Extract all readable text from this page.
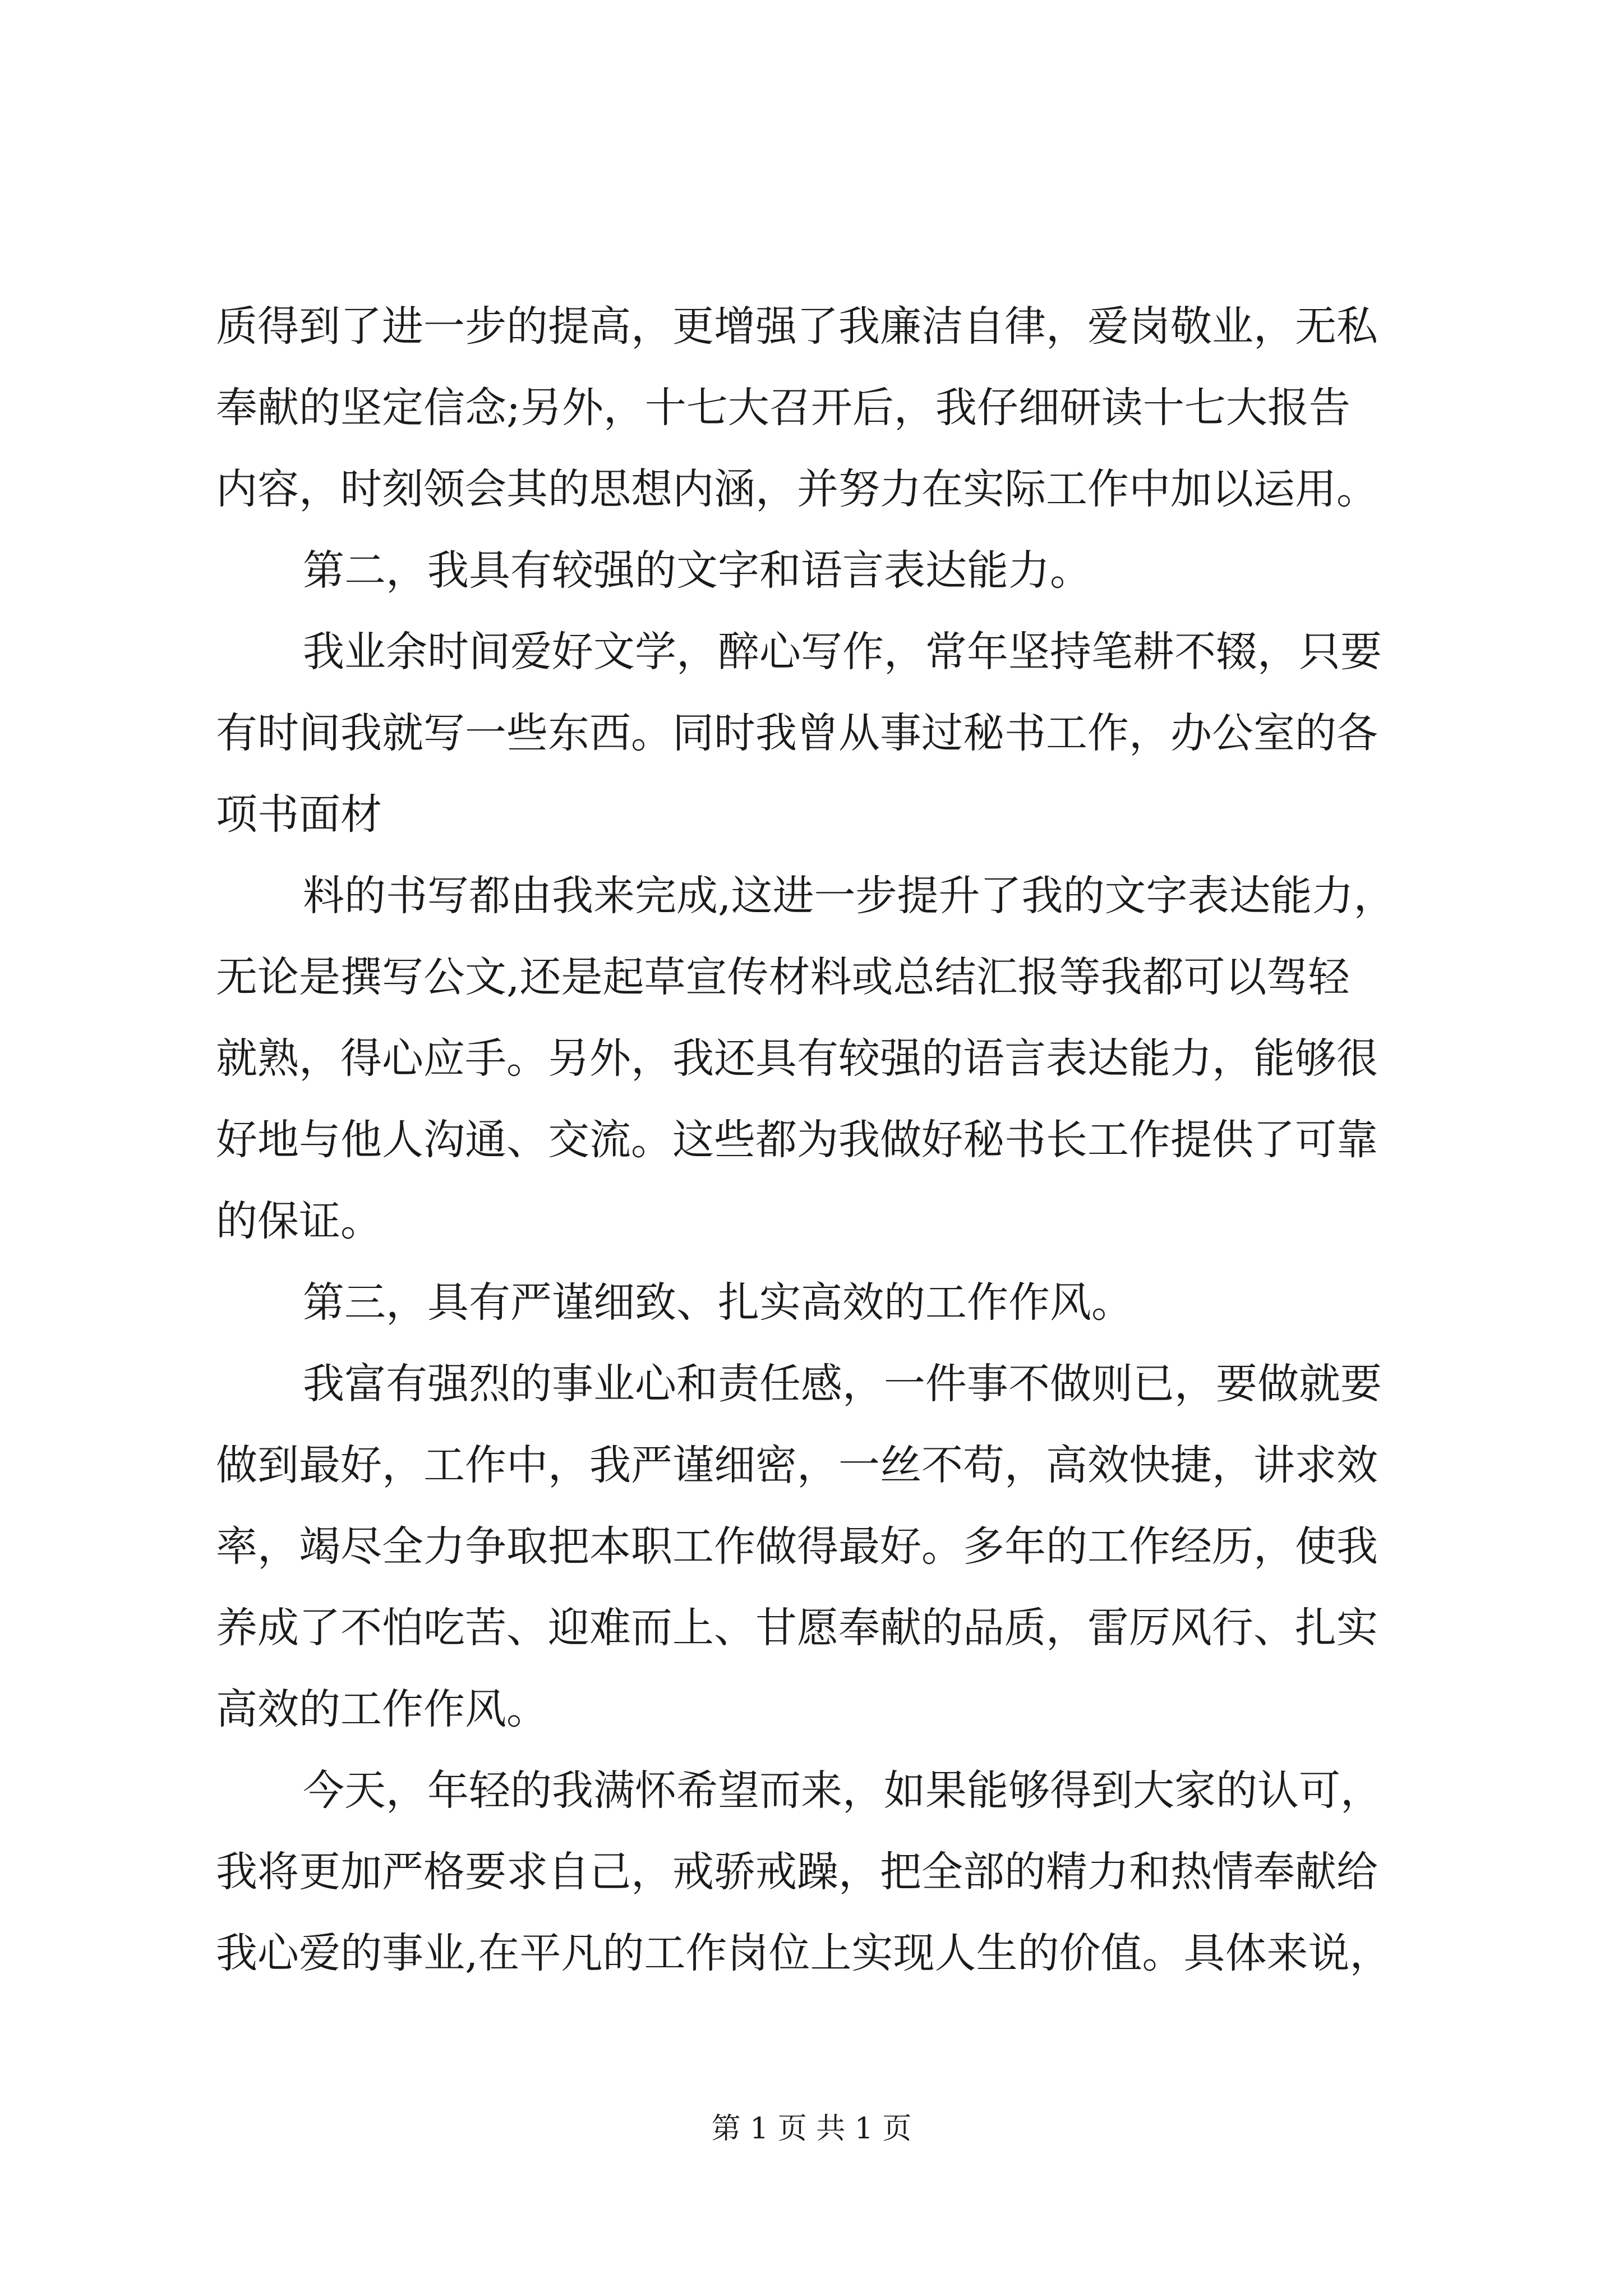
质得到了进一步的提高，更增强了我廉洁自律，爱岗敬业，无私
奉献的坚定信念;另外，十七大召开后，我仔细研读十七大报告
内容，时刻领会其的思想内涵，并努力在实际工作中加以运用。
第二，我具有较强的文字和语言表达能力。
我业余时间爱好文学，醉心写作，常年坚持笔耕不辍，只要
有时间我就写一些东西。同时我曾从事过秘书工作，办公室的各
项书面材
料的书写都由我来完成,这进一步提升了我的文字表达能力，
无论是撰写公文,还是起草宣传材料或总结汇报等我都可以驾轻
就熟，得心应手。另外，我还具有较强的语言表达能力，能够很
好地与他人沟通、交流。这些都为我做好秘书长工作提供了可靠
的保证。
第三，具有严谨细致、扎实高效的工作作风。
我富有强烈的事业心和责任感，一件事不做则已，要做就要
做到最好，工作中，我严谨细密，一丝不苟，高效快捷，讲求效
率，竭尽全力争取把本职工作做得最好。多年的工作经历，使我
养成了不怕吃苦、迎难而上、甘愿奉献的品质，雷厉风行、扎实
高效的工作作风。
今天，年轻的我满怀希望而来，如果能够得到大家的认可，
我将更加严格要求自己，戒骄戒躁，把全部的精力和热情奉献给
我心爱的事业,在平凡的工作岗位上实现人生的价值。具体来说，
第 1 页 共 1 页
